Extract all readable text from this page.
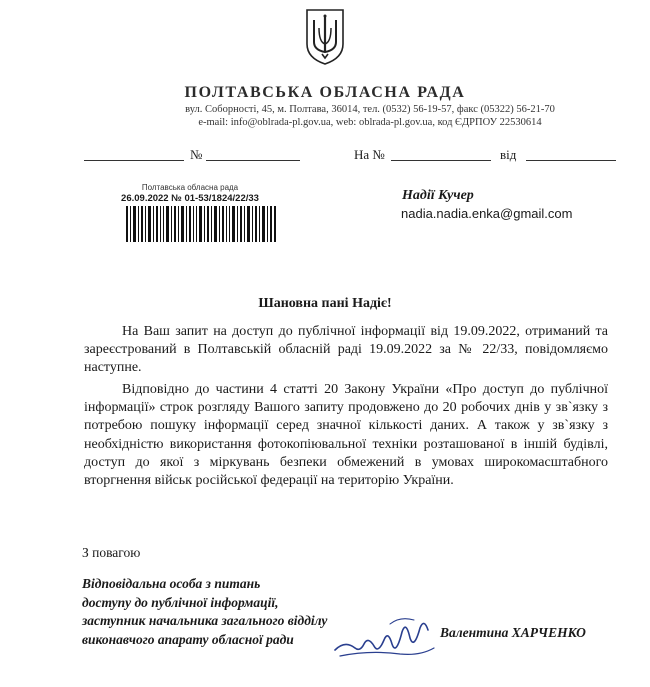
ПОЛТАВСЬКА ОБЛАСНА РАДА
вул. Соборності, 45, м. Полтава, 36014, тел. (0532) 56-19-57, факс (05322) 56-21-70
e-mail: info@oblrada-pl.gov.ua, web: oblrada-pl.gov.ua, код ЄДРПОУ 22530614
№	На №	від
Полтавська обласна рада
26.09.2022 № 01-53/1824/22/33	Надії Кучер
nadia.nadia.enka@gmail.com
Шановна пані Надіє!
На Ваш запит на доступ до публічної інформації від 19.09.2022, отриманий та зареєстрований в Полтавській обласній раді 19.09.2022 за № 22/33, повідомляємо наступне.
Відповідно до частини 4 статті 20 Закону України «Про доступ до публічної інформації» строк розгляду Вашого запиту продовжено до 20 робочих днів у зв`язку з потребою пошуку інформації серед значної кількості даних. А також у зв`язку з необхідністю використання фотокопіювальної техніки розташованої в іншій будівлі, доступ до якої з міркувань безпеки обмежений в умовах широкомасштабного вторгнення військ російської федерації на територію України.
З повагою
Відповідальна особа з питань
доступу до публічної інформації,
заступник начальника загального відділу
виконавчого апарату обласної ради	Валентина ХАРЧЕНКО
